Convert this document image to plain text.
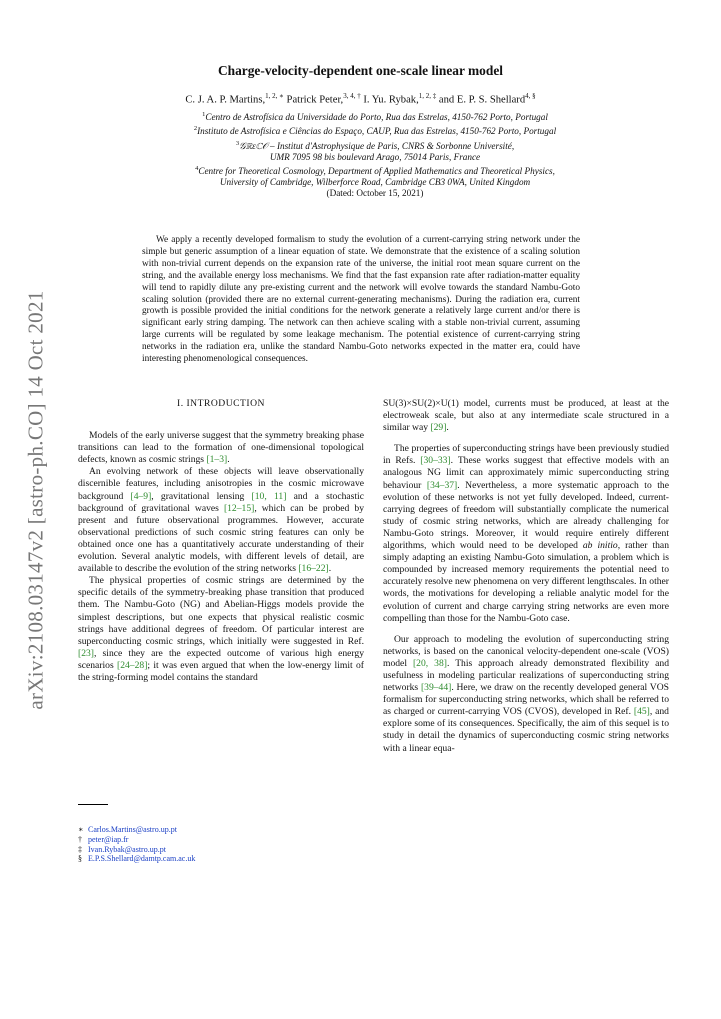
arXiv:2108.03147v2 [astro-ph.CO] 14 Oct 2021
Charge-velocity-dependent one-scale linear model
C. J. A. P. Martins,$^{1, 2, ∗}$ Patrick Peter,$^{3, 4, \dagger}$ I. Yu. Rybak,$^{1, 2, \ddagger}$ and E. P. S. Shellard$^{4, \S}$
$^1$Centro de Astrofísica da Universidade do Porto, Rua das Estrelas, 4150-762 Porto, Portugal
$^2$Instituto de Astrofísica e Ciências do Espaço, CAUP, Rua das Estrelas, 4150-762 Porto, Portugal
$^3$𝒢ℝεℂ𝒪 – Institut d'Astrophysique de Paris, CNRS & Sorbonne Université,
UMR 7095 98 bis boulevard Arago, 75014 Paris, France
$^4$Centre for Theoretical Cosmology, Department of Applied Mathematics and Theoretical Physics,
University of Cambridge, Wilberforce Road, Cambridge CB3 0WA, United Kingdom
(Dated: October 15, 2021)
We apply a recently developed formalism to study the evolution of a current-carrying string network under the simple but generic assumption of a linear equation of state. We demonstrate that the existence of a scaling solution with non-trivial current depends on the expansion rate of the universe, the initial root mean square current on the string, and the available energy loss mechanisms. We find that the fast expansion rate after radiation-matter equality will tend to rapidly dilute any pre-existing current and the network will evolve towards the standard Nambu-Goto scaling solution (provided there are no external current-generating mechanisms). During the radiation era, current growth is possible provided the initial conditions for the network generate a relatively large current and/or there is significant early string damping. The network can then achieve scaling with a stable non-trivial current, assuming large currents will be regulated by some leakage mechanism. The potential existence of current-carrying string networks in the radiation era, unlike the standard Nambu-Goto networks expected in the matter era, could have interesting phenomenological consequences.
I. INTRODUCTION

Models of the early universe suggest that the symmetry breaking phase transitions can lead to the formation of one-dimensional topological defects, known as cosmic strings [1–3].

An evolving network of these objects will leave observationally discernible features, including anisotropies in the cosmic microwave background [4–9], gravitational lensing [10, 11] and a stochastic background of gravitational waves [12–15], which can be probed by present and future observational programmes. However, accurate observational predictions of such cosmic string features can only be obtained once one has a quantitatively accurate understanding of their evolution. Several analytic models, with different levels of detail, are available to describe the evolution of the string networks [16–22].

The physical properties of cosmic strings are determined by the specific details of the symmetry-breaking phase transition that produced them. The Nambu-Goto (NG) and Abelian-Higgs models provide the simplest descriptions, but one expects that physical realistic cosmic strings have additional degrees of freedom. Of particular interest are superconducting cosmic strings, which initially were suggested in Ref. [23], since they are the expected outcome of various high energy scenarios [24–28]; it was even argued that when the low-energy limit of the string-forming model contains the standard

SU(3)×SU(2)×U(1) model, currents must be produced, at least at the electroweak scale, but also at any intermediate scale structured in a similar way [29].

The properties of superconducting strings have been previously studied in Refs. [30–33]. These works suggest that effective models with an analogous NG limit can approximately mimic superconducting string behaviour [34–37]. Nevertheless, a more systematic approach to the evolution of these networks is not yet fully developed. Indeed, current-carrying degrees of freedom will substantially complicate the numerical study of cosmic string networks, which are already challenging for Nambu-Goto strings. Moreover, it would require entirely different algorithms, which would need to be developed ab initio, rather than simply adapting an existing Nambu-Goto simulation, a problem which is compounded by increased memory requirements the potential need to accurately resolve new phenomena on very different lengthscales. In other words, the motivations for developing a reliable analytic model for the evolution of current and charge carrying string networks are even more compelling than those for the Nambu-Goto case.

Our approach to modeling the evolution of superconducting string networks, is based on the canonical velocity-dependent one-scale (VOS) model [20, 38]. This approach already demonstrated flexibility and usefulness in modeling particular realizations of superconducting string networks [39–44]. Here, we draw on the recently developed general VOS formalism for superconducting string networks, which shall be referred to as charged or current-carrying VOS (CVOS), developed in Ref. [45], and explore some of its consequences. Specifically, the aim of this sequel is to study in detail the dynamics of superconducting cosmic string networks with a linear equa-

∗ Carlos.Martins@astro.up.pt
† peter@iap.fr
‡ Ivan.Rybak@astro.up.pt
§ E.P.S.Shellard@damtp.cam.ac.uk
